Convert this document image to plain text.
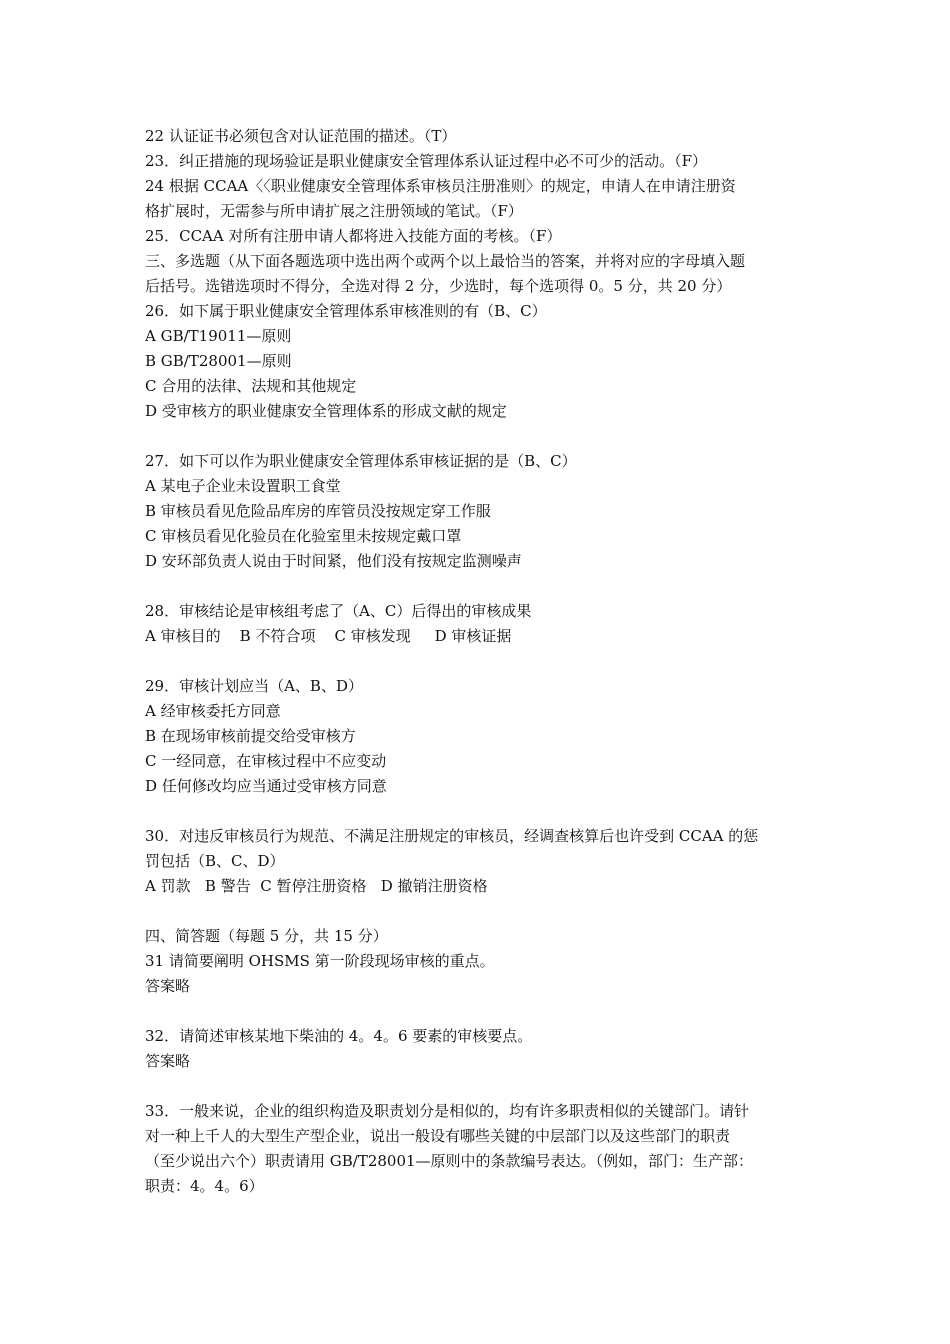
22 认证证书必须包含对认证范围的描述。（T）
23．纠正措施的现场验证是职业健康安全管理体系认证过程中必不可少的活动。（F）
24 根据 CCAA〈〈职业健康安全管理体系审核员注册准则〉的规定，申请人在申请注册资
格扩展时，无需参与所申请扩展之注册领域的笔试。（F）
25．CCAA 对所有注册申请人都将进入技能方面的考核。（F）
三、多选题（从下面各题选项中选出两个或两个以上最恰当的答案，并将对应的字母填入题
后括号。选错选项时不得分，全选对得 2 分，少选时，每个选项得 0。5 分，共 20 分）
26．如下属于职业健康安全管理体系审核准则的有（B、C）
A GB/T19011—原则
B GB/T28001—原则
C 合用的法律、法规和其他规定
D 受审核方的职业健康安全管理体系的形成文献的规定
27．如下可以作为职业健康安全管理体系审核证据的是（B、C）
A 某电子企业未设置职工食堂
B 审核员看见危险品库房的库管员没按规定穿工作服
C 审核员看见化验员在化验室里未按规定戴口罩
D 安环部负责人说由于时间紧，他们没有按规定监测噪声
28．审核结论是审核组考虑了（A、C）后得出的审核成果
A 审核目的    B 不符合项    C 审核发现     D 审核证据
29．审核计划应当（A、B、D）
A 经审核委托方同意
B 在现场审核前提交给受审核方
C 一经同意，在审核过程中不应变动
D 任何修改均应当通过受审核方同意
30．对违反审核员行为规范、不满足注册规定的审核员，经调查核算后也许受到 CCAA 的惩
罚包括（B、C、D）
A 罚款   B 警告  C 暂停注册资格   D 撤销注册资格
四、简答题（每题 5 分，共 15 分）
31 请简要阐明 OHSMS 第一阶段现场审核的重点。
答案略
32．请简述审核某地下柴油的 4。4。6 要素的审核要点。
答案略
33．一般来说，企业的组织构造及职责划分是相似的，均有许多职责相似的关键部门。请针
对一种上千人的大型生产型企业，说出一般设有哪些关键的中层部门以及这些部门的职责
（至少说出六个）职责请用 GB/T28001—原则中的条款编号表达。（例如，部门：生产部：
职责：4。4。6）
